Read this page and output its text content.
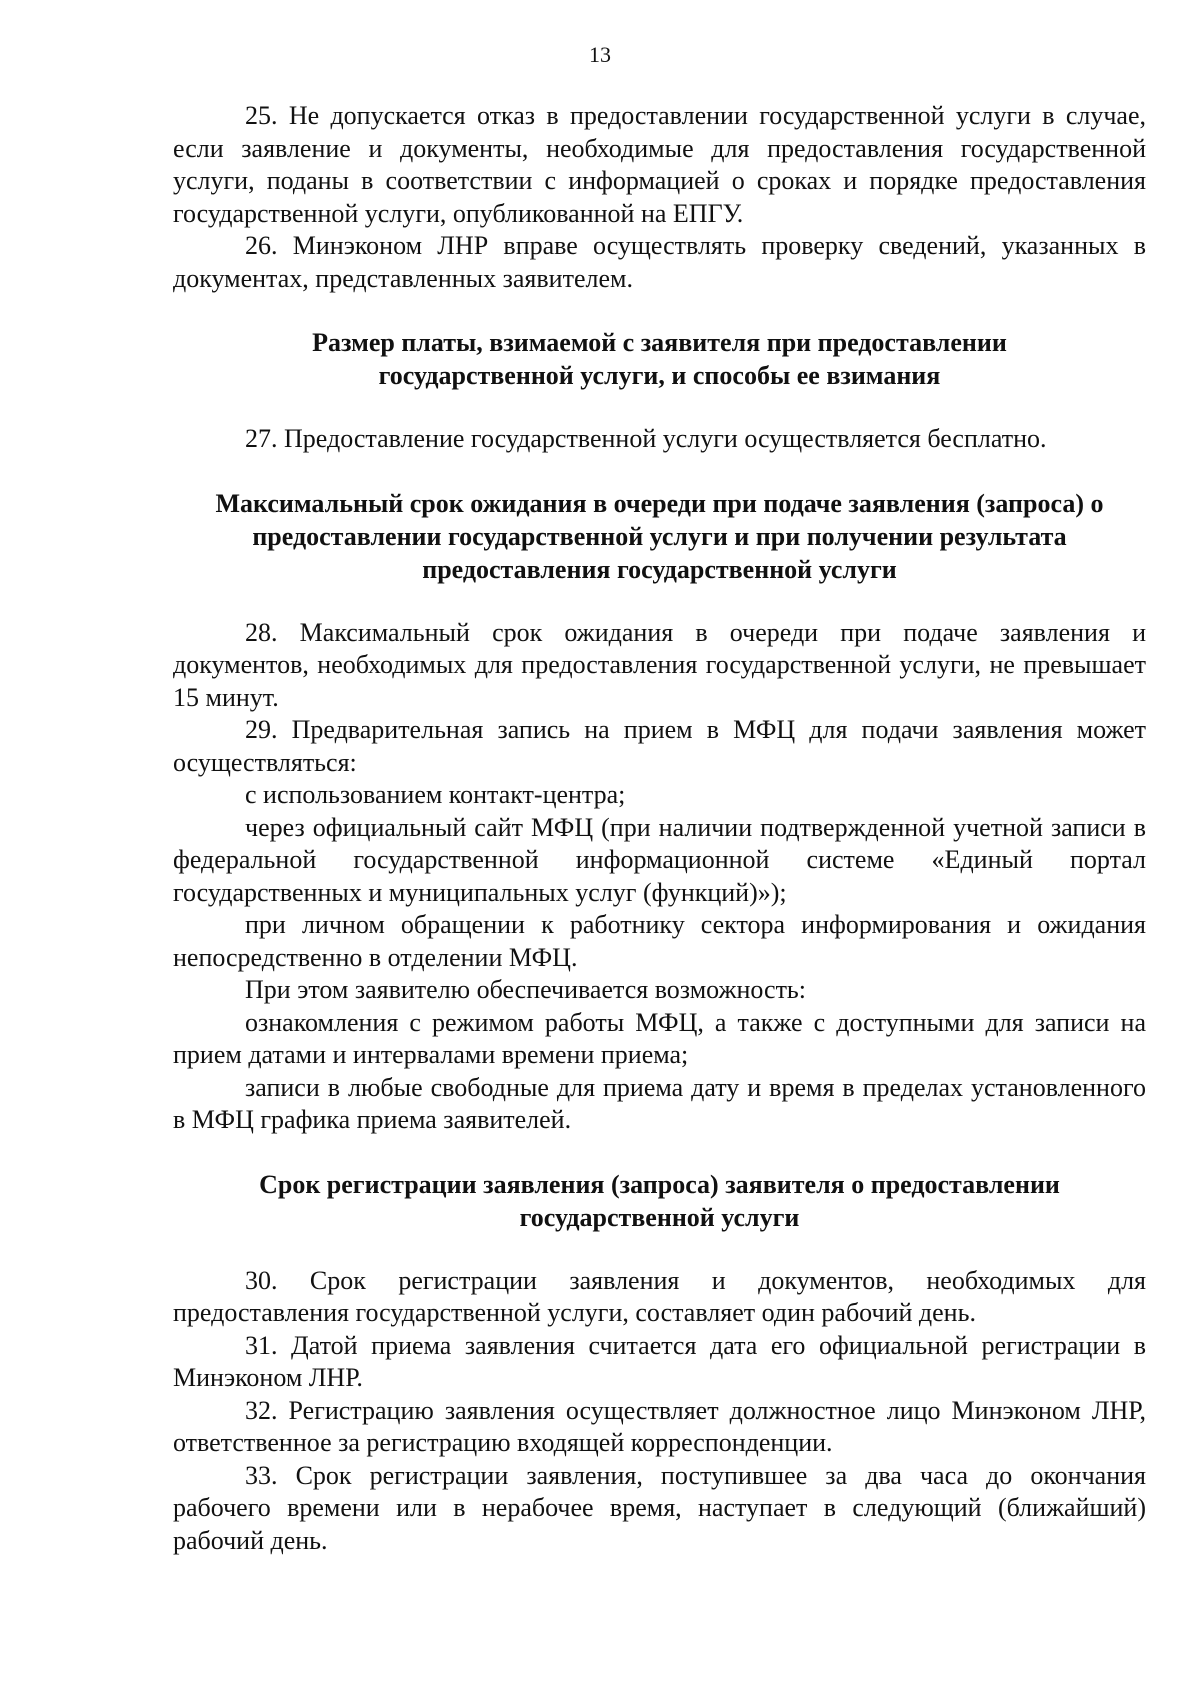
13

25. Не допускается отказ в предоставлении государственной услуги в случае, если заявление и документы, необходимые для предоставления государственной услуги, поданы в соответствии с информацией о сроках и порядке предоставления государственной услуги, опубликованной на ЕПГУ.

26. Минэконом ЛНР вправе осуществлять проверку сведений, указанных в документах, представленных заявителем.

Размер платы, взимаемой с заявителя при предоставлении
государственной услуги, и способы ее взимания

27. Предоставление государственной услуги осуществляется бесплатно.

Максимальный срок ожидания в очереди при подаче заявления (запроса) о
предоставлении государственной услуги и при получении результата
предоставления государственной услуги

28. Максимальный срок ожидания в очереди при подаче заявления и документов, необходимых для предоставления государственной услуги, не превышает 15 минут.

29. Предварительная запись на прием в МФЦ для подачи заявления может осуществляться:

с использованием контакт-центра;

через официальный сайт МФЦ (при наличии подтвержденной учетной записи в федеральной государственной информационной системе «Единый портал государственных и муниципальных услуг (функций)»);

при личном обращении к работнику сектора информирования и ожидания непосредственно в отделении МФЦ.

При этом заявителю обеспечивается возможность:

ознакомления с режимом работы МФЦ, а также с доступными для записи на прием датами и интервалами времени приема;

записи в любые свободные для приема дату и время в пределах установленного в МФЦ графика приема заявителей.

Срок регистрации заявления (запроса) заявителя о предоставлении
государственной услуги

30. Срок регистрации заявления и документов, необходимых для предоставления государственной услуги, составляет один рабочий день.

31. Датой приема заявления считается дата его официальной регистрации в Минэконом ЛНР.

32. Регистрацию заявления осуществляет должностное лицо Минэконом ЛНР, ответственное за регистрацию входящей корреспонденции.

33. Срок регистрации заявления, поступившее за два часа до окончания рабочего времени или в нерабочее время, наступает в следующий (ближайший) рабочий день.
